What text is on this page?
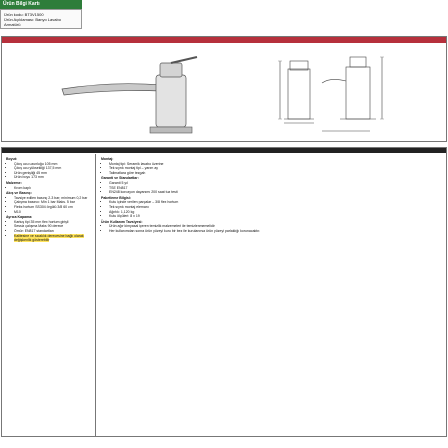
Ürün Bilgi Kartı
Ürün kodu: BT3V1500
Ürün Açıklaması: Banyo Lavabo Armatürü
Boyut:
• Çıkış ucu uzunluğu 105 mm
• Çıkış ucu yüksekliği 137,5 mm
• Ürün genişliği 45 mm
• Ürün boyu 173 mm
Malzeme:
• Krom kaplı
Akış ve Basınç:
• Tavsiye edilen basınç 2-3 bar; minimum 0,2 bar
• Çalışma basıncı: Min 1 bar Maks. 5 bar
• Fleks hortum SS304 örgülü 3/8 60 cm
• M10
Ayrıca Kapama:
• Kartuş tipi 35 mm flex hortum girişli
• Sessiz çalışma Maks 90 derece
• Ömür: EN817 standartları
• Kalitesine ve sıcaklık derecesine bağlı olarak değişkenlik gösterebilir
Montaj:
• Montaj tipi: Seramik lavabo üzerine
• Tek sıyrık montaj tipi – yarım ay
• Talimatlara göre tezgah
Garanti ve Standartlar:
• Garanti 5 yıl
• TSE EN817
• EN248 korozyon dayanımı 200 saat tuz testi
Paketleme Bilgisi:
• Kutu içinde verilen parçalar – 3/8 flex hortum
• Tek sıyrık montaj elemanı
• Ağırlık: 1,120 kg
• Kutu ölçüleri: 8 x 19
Ürün Kullanım Tavsiyesi:
• Ürün ağır kimyasal içeren temizlik malzemeleri ile temizlenmemelidir
• Her kullanımdan sonra ürün yüzeyi kuru bir bez ile kurulanırsa ürün yüzeyi parlaklığı korunacaktır.
